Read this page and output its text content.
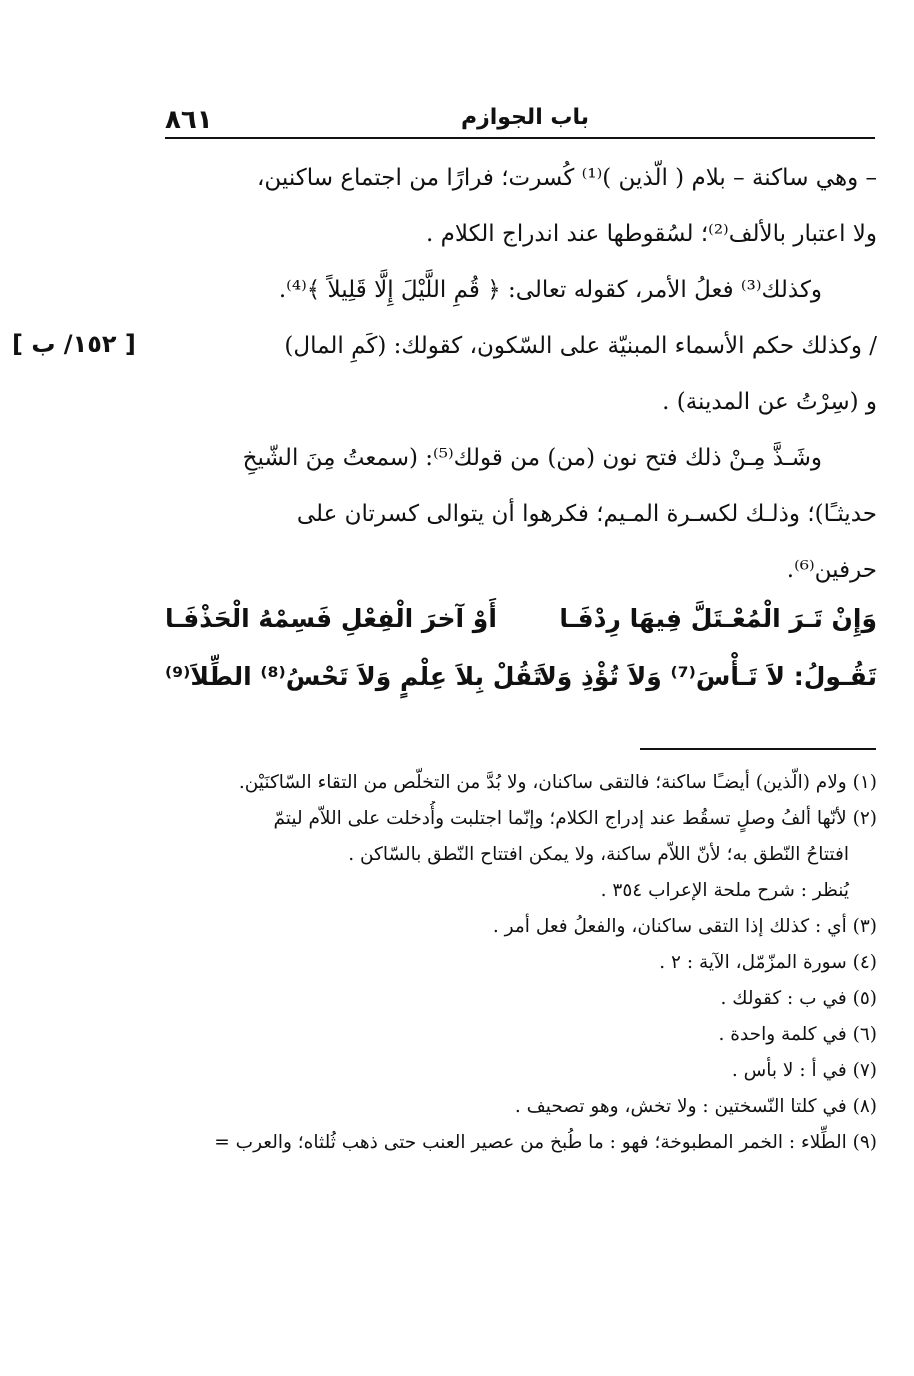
٨٦١	باب الجوازم
[ ١٥٢/ ب ]

– وهي ساكنة – بلام ( الّذين )⁽¹⁾ كُسرت؛ فرارًا من اجتماع ساكنين،

ولا اعتبار بالألف⁽²⁾؛ لسُقوطها عند اندراج الكلام .

وكذلك⁽³⁾ فعلُ الأمر، كقوله تعالى: ﴿ قُمِ اللَّيْلَ إِلَّا قَلِيلاً ﴾⁽⁴⁾.

/ وكذلك حكم الأسماء المبنيّة على السّكون، كقولك: (كَمِ المال)

و (سِرْتُ عن المدينة) .

وشَـذَّ مِـنْ ذلك فتح نون (من) من قولك⁽⁵⁾: (سمعتُ مِنَ الشّيخِ

حديثـًا)؛ وذلـك لكسـرة المـيم؛ فكرهوا أن يتوالى كسرتان على

حرفين⁽⁶⁾.

وَإِنْ تَـرَ الْمُعْـتَلَّ فِيهَا رِدْفَـا
أَوْ آخرَ الْفِعْلِ فَسِمْهُ الْحَذْفَـا
تَقُـولُ: لاَ تَـأْسَ⁽⁷⁾ وَلاَ تُؤْذِ وَلاَ
تَقُلْ بِلاَ عِلْمٍ وَلاَ تَحْسُ⁽⁸⁾ الطِّلاَ⁽⁹⁾

(١) ولام (الّذين) أيضـًا ساكنة؛ فالتقى ساكنان، ولا بُدَّ من التخلّص من التقاء السّاكنَيْن.

(٢) لأنّها ألفُ وصلٍ تسقُط عند إدراج الكلام؛ وإنّما اجتلبت وأُدخلت على اللاّم ليتمّ

افتتاحُ النّطق به؛ لأنّ اللاّم ساكنة، ولا يمكن افتتاح النّطق بالسّاكن .

يُنظر : شرح ملحة الإعراب ٣٥٤ .

(٣) أي : كذلك إذا التقى ساكنان، والفعلُ فعل أمر .

(٤) سورة المزّمّل، الآية : ٢ .

(٥) في ب : كقولك .

(٦) في كلمة واحدة .

(٧) في أ : لا بأس .

(٨) في كلتا النّسختين : ولا تخش، وهو تصحيف .

(٩) الطِّلاء : الخمر المطبوخة؛ فهو : ما طُبخ من عصير العنب حتى ذهب ثُلثاه؛ والعرب =
